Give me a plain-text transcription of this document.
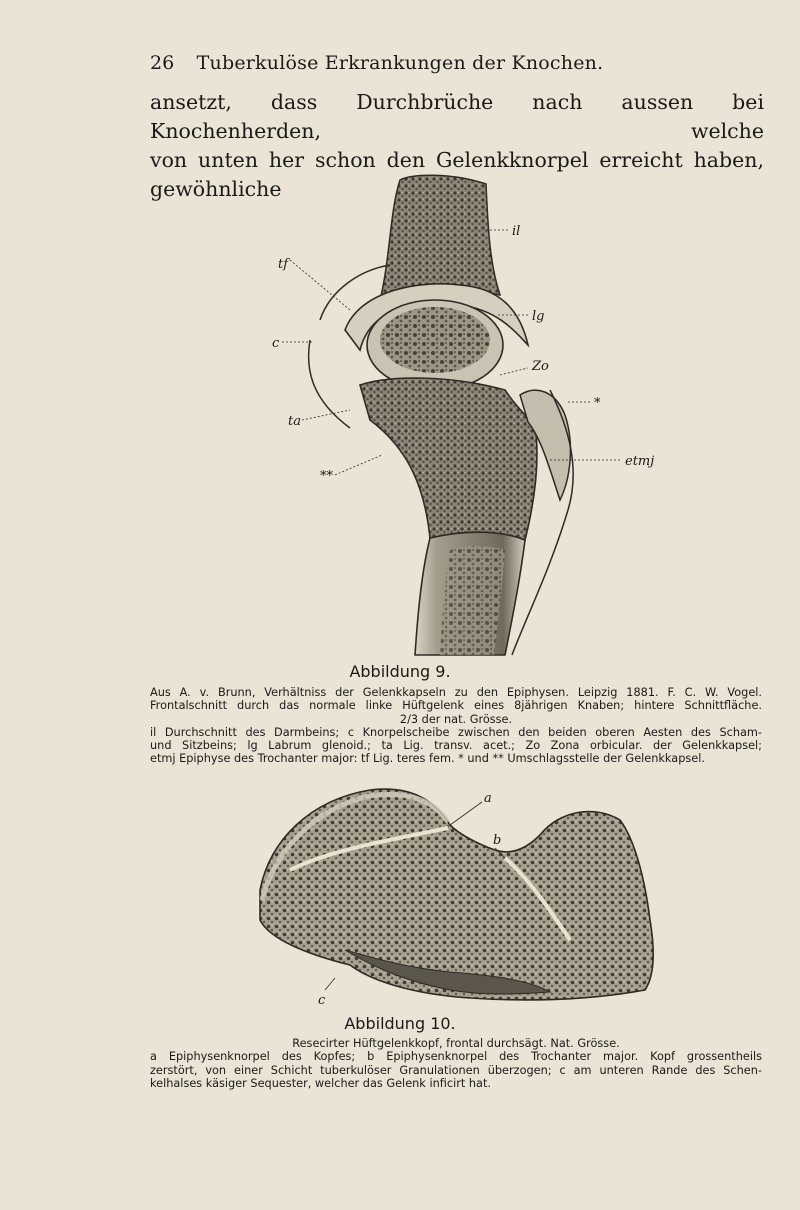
26	Tuberkulöse Erkrankungen der Knochen.
ansetzt, dass Durchbrüche nach aussen bei Knochenherden, welche
von unten her schon den Gelenkknorpel erreicht haben, gewöhnliche
il
tf
lg
c
Zo
ta
*
etmj
**
Abbildung 9.
Aus A. v. Brunn, Verhältniss der Gelenkkapseln zu den Epiphysen. Leipzig 1881. F. C. W. Vogel.
Frontalschnitt durch das normale linke Hüftgelenk eines 8jährigen Knaben; hintere Schnittfläche.
2/3 der nat. Grösse.
il Durchschnitt des Darmbeins; c Knorpelscheibe zwischen den beiden oberen Aesten des Scham-
und Sitzbeins; lg Labrum glenoid.; ta Lig. transv. acet.; Zo Zona orbicular. der Gelenkkapsel;
etmj Epiphyse des Trochanter major: tf Lig. teres fem. * und ** Umschlagsstelle der Gelenkkapsel.
a
b
c
Abbildung 10.
Resecirter Hüftgelenkkopf, frontal durchsägt. Nat. Grösse.
a Epiphysenknorpel des Kopfes; b Epiphysenknorpel des Trochanter major. Kopf grossentheils
zerstört, von einer Schicht tuberkulöser Granulationen überzogen; c am unteren Rande des Schen-
kelhalses käsiger Sequester, welcher das Gelenk inficirt hat.
